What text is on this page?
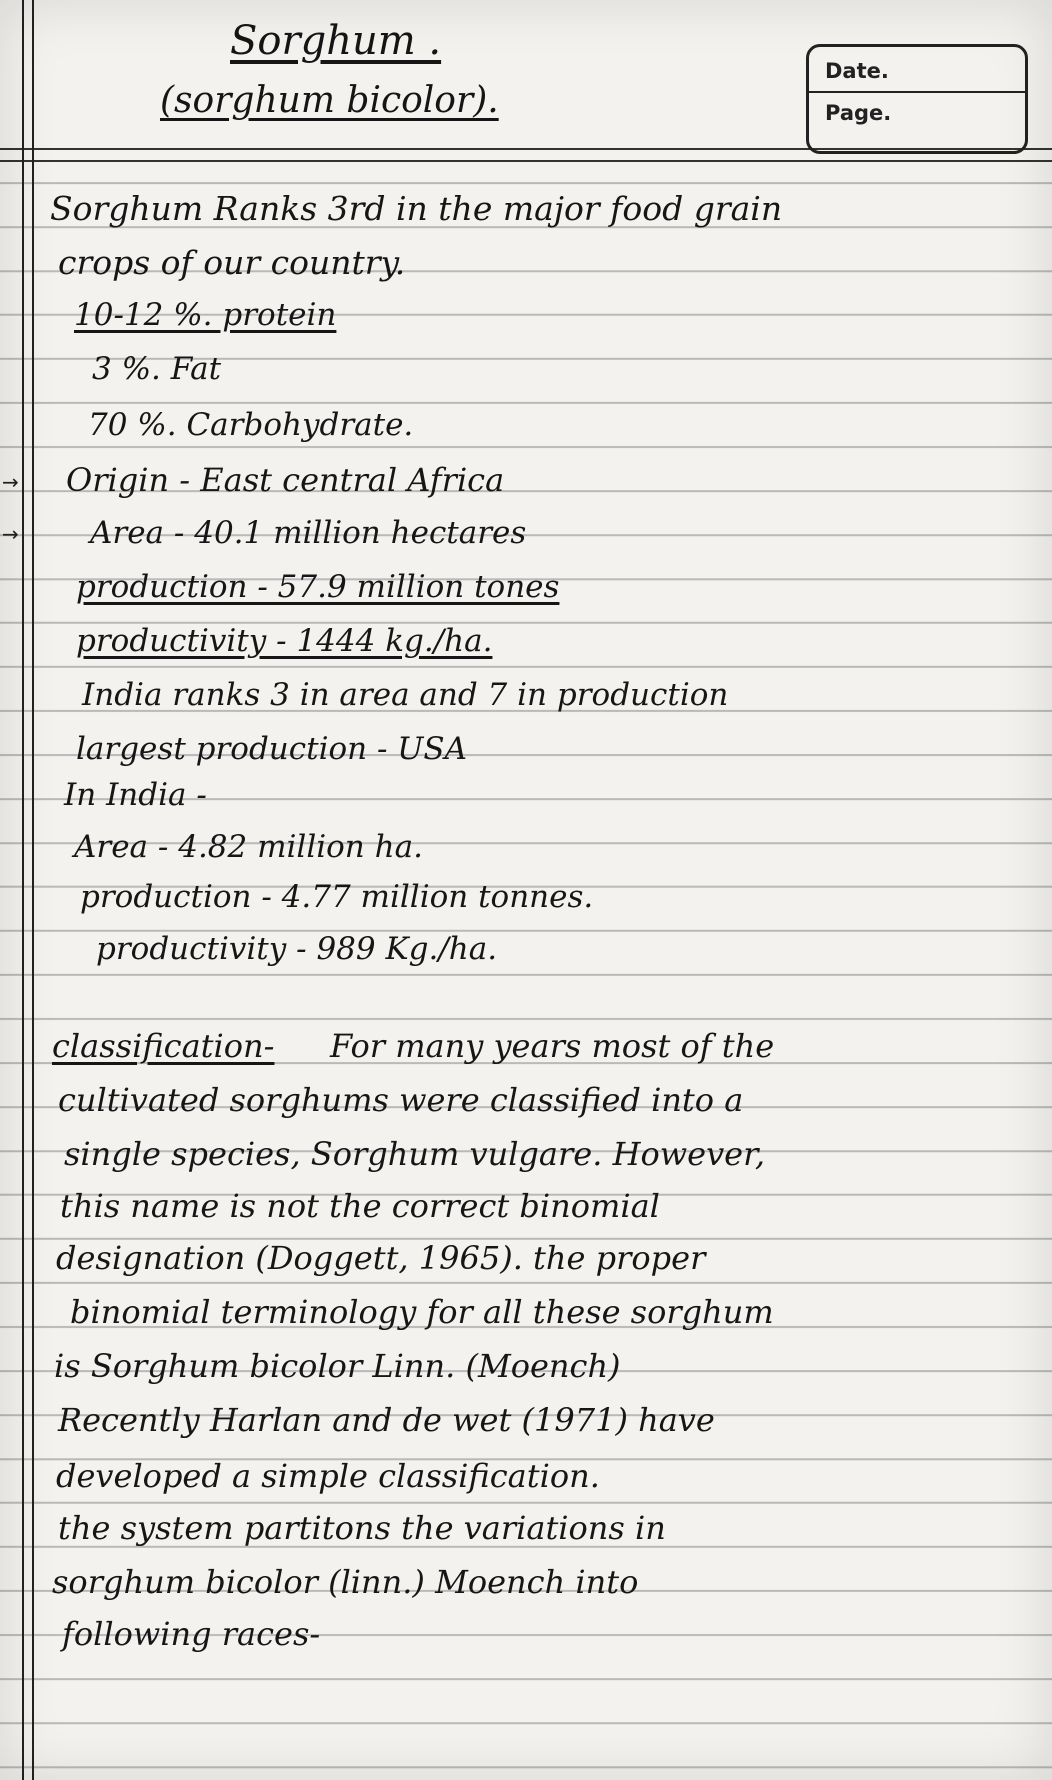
Sorghum .
(sorghum bicolor).
Date.
Page.
→
→
Sorghum Ranks 3rd in the major food grain
crops of our country.
10-12 %. protein
3 %. Fat
70 %. Carbohydrate.
Origin - East central Africa
Area - 40.1 million hectares
production - 57.9 million tones
productivity - 1444 kg./ha.
India ranks 3 in area and 7 in production
largest production - USA
In India -
Area - 4.82 million ha.
production - 4.77 million tonnes.
productivity - 989 Kg./ha.
classification- For many years most of the
cultivated sorghums were classified into a
single species, Sorghum vulgare. However,
this name is not the correct binomial
designation (Doggett, 1965). the proper
binomial terminology for all these sorghum
is Sorghum bicolor Linn. (Moench)
Recently Harlan and de wet (1971) have
developed a simple classification.
the system partitons the variations in
sorghum bicolor (linn.) Moench into
following races-
